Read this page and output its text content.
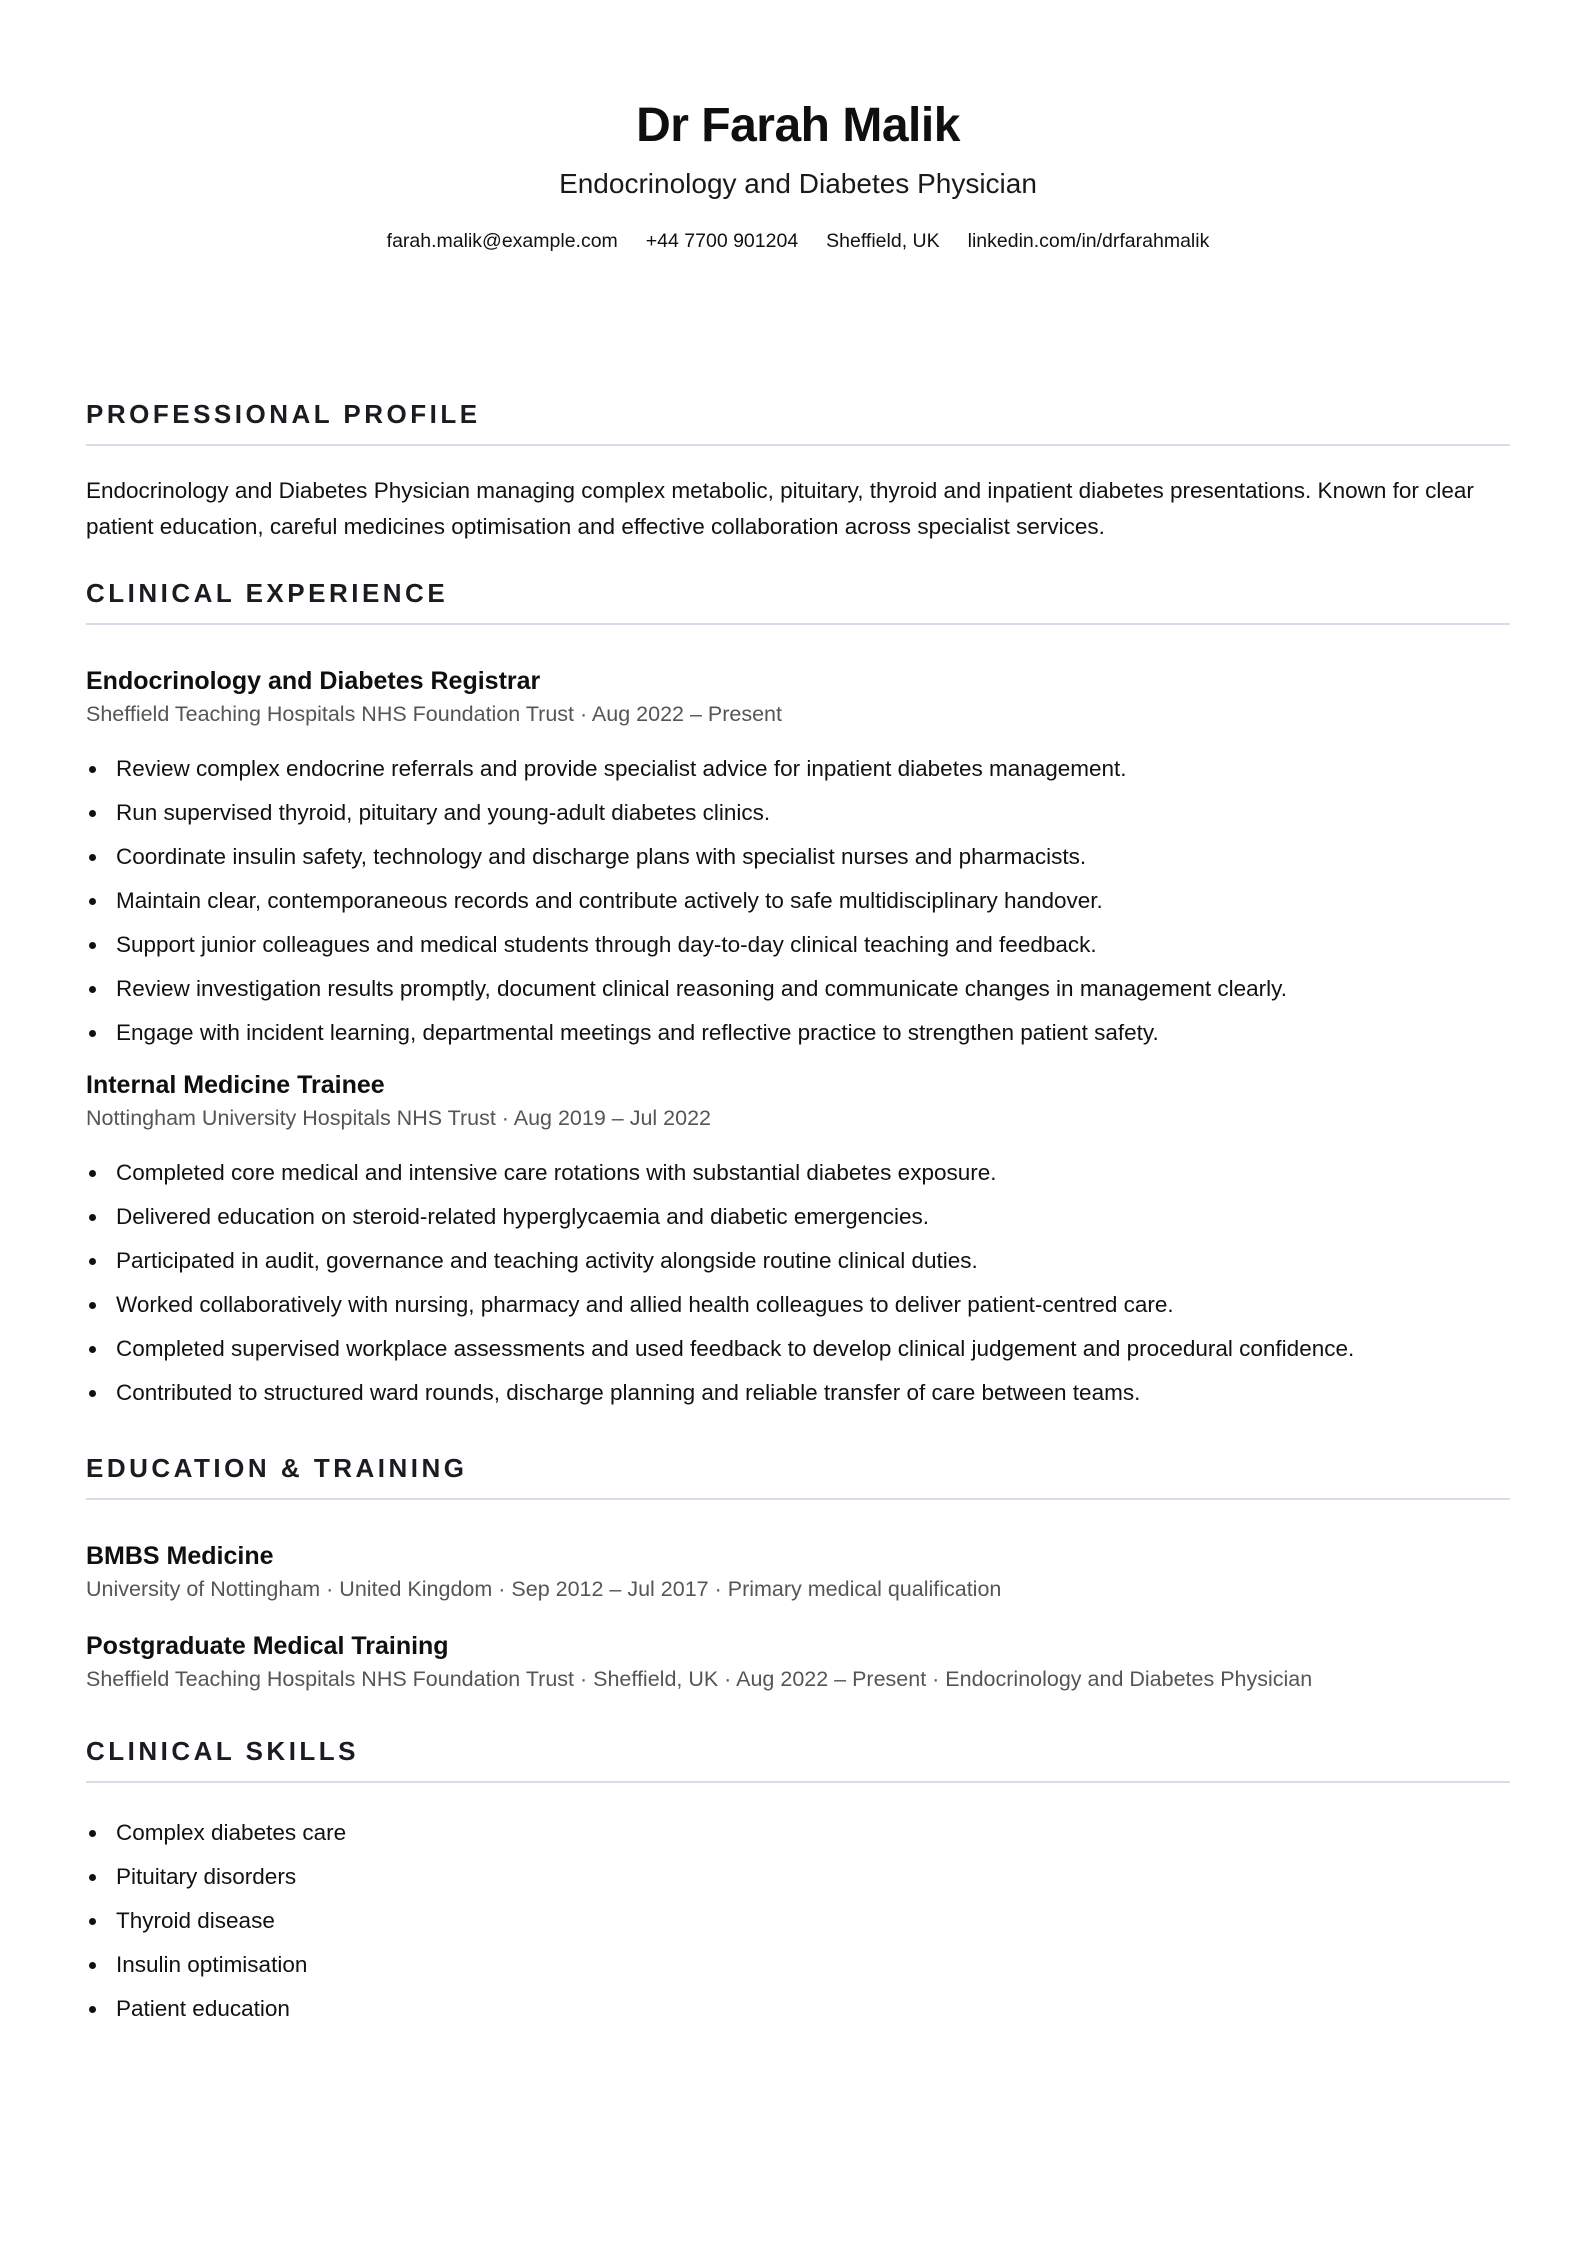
Dr Farah Malik
Endocrinology and Diabetes Physician
farah.malik@example.com +44 7700 901204 Sheffield, UK linkedin.com/in/drfarahmalik
PROFESSIONAL PROFILE

Endocrinology and Diabetes Physician managing complex metabolic, pituitary, thyroid and inpatient diabetes presentations. Known for clear patient education, careful medicines optimisation and effective collaboration across specialist services.

CLINICAL EXPERIENCE
Endocrinology and Diabetes Registrar
Sheffield Teaching Hospitals NHS Foundation Trust · Aug 2022 – Present
Review complex endocrine referrals and provide specialist advice for inpatient diabetes management.
Run supervised thyroid, pituitary and young-adult diabetes clinics.
Coordinate insulin safety, technology and discharge plans with specialist nurses and pharmacists.
Maintain clear, contemporaneous records and contribute actively to safe multidisciplinary handover.
Support junior colleagues and medical students through day-to-day clinical teaching and feedback.
Review investigation results promptly, document clinical reasoning and communicate changes in management clearly.
Engage with incident learning, departmental meetings and reflective practice to strengthen patient safety.
Internal Medicine Trainee
Nottingham University Hospitals NHS Trust · Aug 2019 – Jul 2022
Completed core medical and intensive care rotations with substantial diabetes exposure.
Delivered education on steroid-related hyperglycaemia and diabetic emergencies.
Participated in audit, governance and teaching activity alongside routine clinical duties.
Worked collaboratively with nursing, pharmacy and allied health colleagues to deliver patient-centred care.
Completed supervised workplace assessments and used feedback to develop clinical judgement and procedural confidence.
Contributed to structured ward rounds, discharge planning and reliable transfer of care between teams.
EDUCATION & TRAINING
BMBS Medicine
University of Nottingham · United Kingdom · Sep 2012 – Jul 2017 · Primary medical qualification
Postgraduate Medical Training
Sheffield Teaching Hospitals NHS Foundation Trust · Sheffield, UK · Aug 2022 – Present · Endocrinology and Diabetes Physician
CLINICAL SKILLS
Complex diabetes care
Pituitary disorders
Thyroid disease
Insulin optimisation
Patient education
